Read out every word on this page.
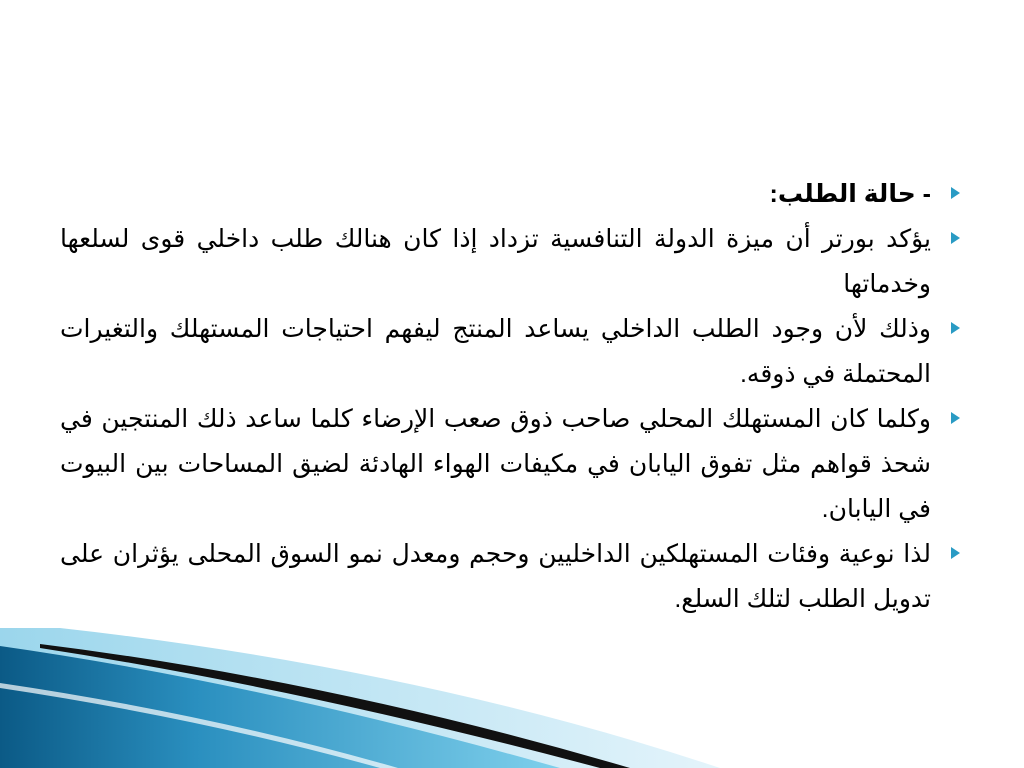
- حالة الطلب:
يؤكد بورتر أن ميزة الدولة التنافسية تزداد إذا كان هنالك طلب داخلي قوى لسلعها وخدماتها
وذلك لأن وجود الطلب الداخلي يساعد المنتج ليفهم احتياجات المستهلك والتغيرات المحتملة في ذوقه.
وكلما كان المستهلك المحلي صاحب ذوق صعب الإرضاء كلما ساعد ذلك المنتجين في شحذ قواهم مثل تفوق اليابان في مكيفات الهواء الهادئة لضيق المساحات بين البيوت في اليابان.
لذا نوعية وفئات المستهلكين الداخليين وحجم ومعدل نمو السوق المحلى يؤثران على تدويل الطلب لتلك السلع.
